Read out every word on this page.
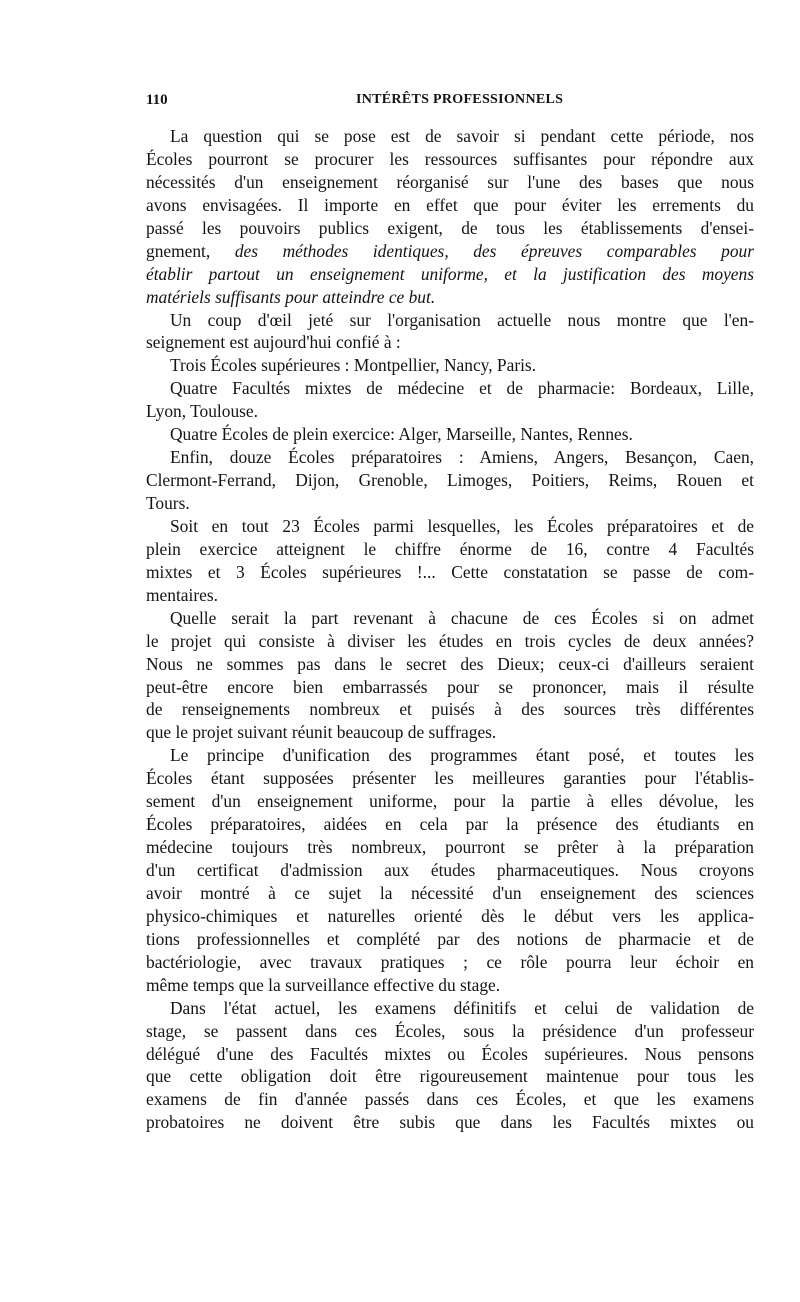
110	INTÉRÊTS PROFESSIONNELS
La question qui se pose est de savoir si pendant cette période, nos
Écoles pourront se procurer les ressources suffisantes pour répondre aux
nécessités d'un enseignement réorganisé sur l'une des bases que nous
avons envisagées. Il importe en effet que pour éviter les errements du
passé les pouvoirs publics exigent, de tous les établissements d'ensei-
gnement, des méthodes identiques, des épreuves comparables pour
établir partout un enseignement uniforme, et la justification des moyens
matériels suffisants pour atteindre ce but.
Un coup d'œil jeté sur l'organisation actuelle nous montre que l'en-
seignement est aujourd'hui confié à :
Trois Écoles supérieures : Montpellier, Nancy, Paris.
Quatre Facultés mixtes de médecine et de pharmacie: Bordeaux, Lille,
Lyon, Toulouse.
Quatre Écoles de plein exercice: Alger, Marseille, Nantes, Rennes.
Enfin, douze Écoles préparatoires : Amiens, Angers, Besançon, Caen,
Clermont-Ferrand, Dijon, Grenoble, Limoges, Poitiers, Reims, Rouen et
Tours.
Soit en tout 23 Écoles parmi lesquelles, les Écoles préparatoires et de
plein exercice atteignent le chiffre énorme de 16, contre 4 Facultés
mixtes et 3 Écoles supérieures !... Cette constatation se passe de com-
mentaires.
Quelle serait la part revenant à chacune de ces Écoles si on admet
le projet qui consiste à diviser les études en trois cycles de deux années?
Nous ne sommes pas dans le secret des Dieux; ceux-ci d'ailleurs seraient
peut-être encore bien embarrassés pour se prononcer, mais il résulte
de renseignements nombreux et puisés à des sources très différentes
que le projet suivant réunit beaucoup de suffrages.
Le principe d'unification des programmes étant posé, et toutes les
Écoles étant supposées présenter les meilleures garanties pour l'établis-
sement d'un enseignement uniforme, pour la partie à elles dévolue, les
Écoles préparatoires, aidées en cela par la présence des étudiants en
médecine toujours très nombreux, pourront se prêter à la préparation
d'un certificat d'admission aux études pharmaceutiques. Nous croyons
avoir montré à ce sujet la nécessité d'un enseignement des sciences
physico-chimiques et naturelles orienté dès le début vers les applica-
tions professionnelles et complété par des notions de pharmacie et de
bactériologie, avec travaux pratiques ; ce rôle pourra leur échoir en
même temps que la surveillance effective du stage.
Dans l'état actuel, les examens définitifs et celui de validation de
stage, se passent dans ces Écoles, sous la présidence d'un professeur
délégué d'une des Facultés mixtes ou Écoles supérieures. Nous pensons
que cette obligation doit être rigoureusement maintenue pour tous les
examens de fin d'année passés dans ces Écoles, et que les examens
probatoires ne doivent être subis que dans les Facultés mixtes ou
